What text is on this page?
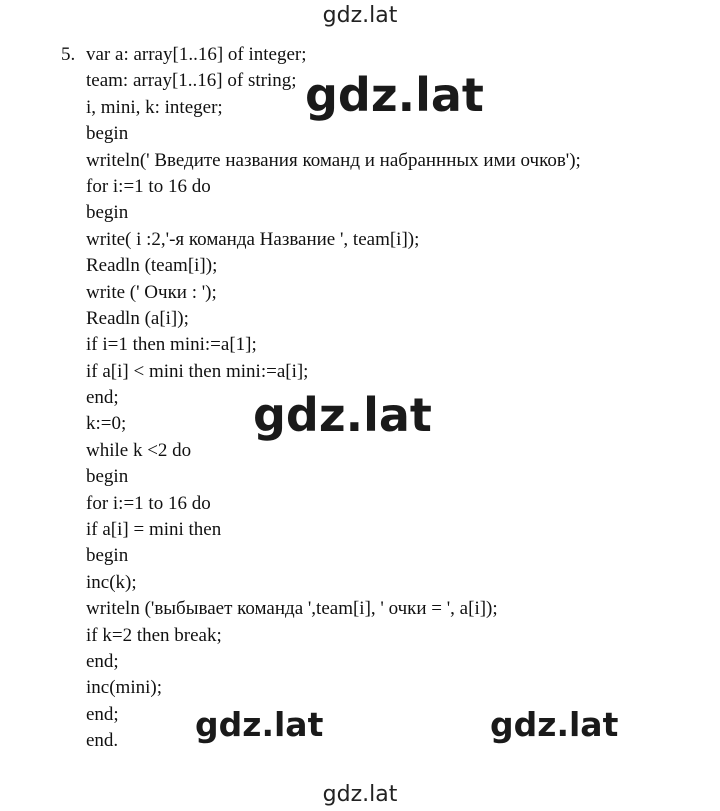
gdz.lat
5. var a: array[1..16] of integer;
team: array[1..16] of string;
i, mini, k: integer;
begin
writeln(' Введите названия команд и набраннных ими очков');
for i:=1 to 16 do
begin
write( i :2,'-я команда Название ', team[i]);
Readln (team[i]);
write (' Очки : ');
Readln (a[i]);
if i=1 then mini:=a[1];
if a[i] < mini then mini:=a[i];
end;
k:=0;
while k <2 do
begin
for i:=1 to 16 do
if a[i] = mini then
begin
inc(k);
writeln ('выбывает команда ',team[i], ' очки = ', a[i]);
if k=2 then break;
end;
inc(mini);
end;
end.
gdz.lat
gdz.lat
gdz.lat	gdz.lat
gdz.lat
